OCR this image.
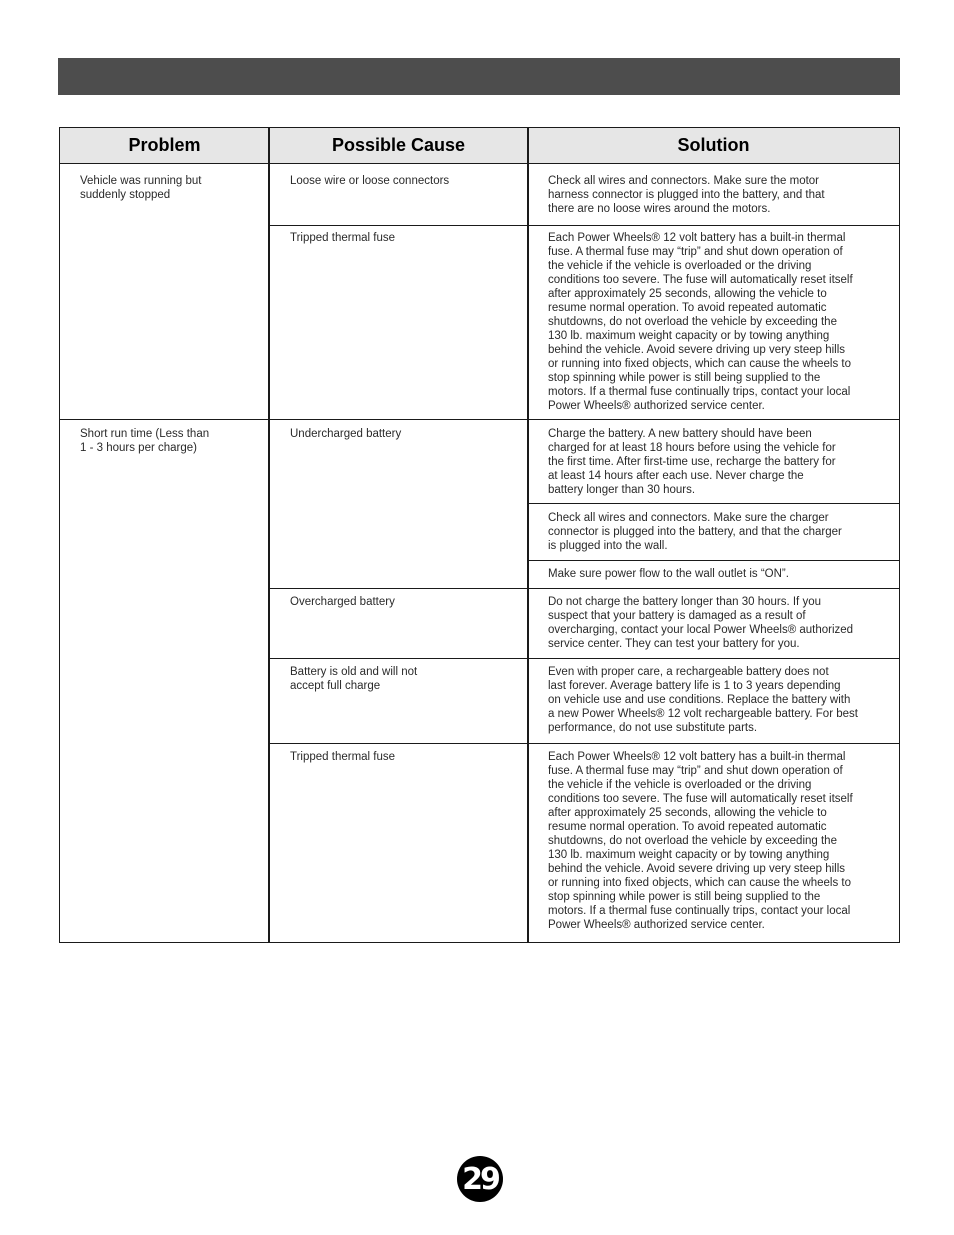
Problem	Possible Cause	Solution
Vehicle was running but
suddenly stopped
Short run time (Less than
1 - 3 hours per charge)
Loose wire or loose connectors
Tripped thermal fuse
Undercharged battery
Overcharged battery
Battery is old and will not
accept full charge
Tripped thermal fuse
Check all wires and connectors. Make sure the motor
harness connector is plugged into the battery, and that
there are no loose wires around the motors.
Each Power Wheels® 12 volt battery has a built-in thermal
fuse. A thermal fuse may “trip” and shut down operation of
the vehicle if the vehicle is overloaded or the driving
conditions too severe. The fuse will automatically reset itself
after approximately 25 seconds, allowing the vehicle to
resume normal operation. To avoid repeated automatic
shutdowns, do not overload the vehicle by exceeding the
130 lb. maximum weight capacity or by towing anything
behind the vehicle. Avoid severe driving up very steep hills
or running into fixed objects, which can cause the wheels to
stop spinning while power is still being supplied to the
motors. If a thermal fuse continually trips, contact your local
Power Wheels® authorized service center.
Charge the battery. A new battery should have been
charged for at least 18 hours before using the vehicle for
the first time. After first-time use, recharge the battery for
at least 14 hours after each use. Never charge the
battery longer than 30 hours.
Check all wires and connectors. Make sure the charger
connector is plugged into the battery, and that the charger
is plugged into the wall.
Make sure power flow to the wall outlet is “ON”.
Do not charge the battery longer than 30 hours. If you
suspect that your battery is damaged as a result of
overcharging, contact your local Power Wheels® authorized
service center. They can test your battery for you.
Even with proper care, a rechargeable battery does not
last forever. Average battery life is 1 to 3 years depending
on vehicle use and use conditions. Replace the battery with
a new Power Wheels® 12 volt rechargeable battery. For best
performance, do not use substitute parts.
Each Power Wheels® 12 volt battery has a built-in thermal
fuse. A thermal fuse may “trip” and shut down operation of
the vehicle if the vehicle is overloaded or the driving
conditions too severe. The fuse will automatically reset itself
after approximately 25 seconds, allowing the vehicle to
resume normal operation. To avoid repeated automatic
shutdowns, do not overload the vehicle by exceeding the
130 lb. maximum weight capacity or by towing anything
behind the vehicle. Avoid severe driving up very steep hills
or running into fixed objects, which can cause the wheels to
stop spinning while power is still being supplied to the
motors. If a thermal fuse continually trips, contact your local
Power Wheels® authorized service center.
29
